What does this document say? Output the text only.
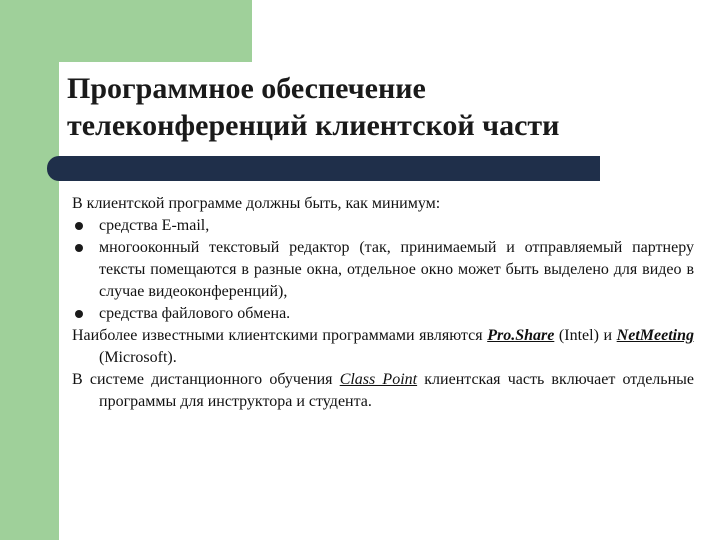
Программное обеспечение
телеконференций клиентской части

В клиентской программе должны быть, как минимум:

средства E-mail,

многооконный текстовый редактор (так, принимаемый и отправляемый партнеру тексты помещаются в разные окна, отдельное окно может быть выделено для видео в случае видеоконференций),

средства файлового обмена.

Наиболее известными клиентскими программами являются Pro.Share (Intel) и NetMeeting (Microsoft).

В системе дистанционного обучения Class Point клиентская часть включает отдельные программы для инструктора и студента.
